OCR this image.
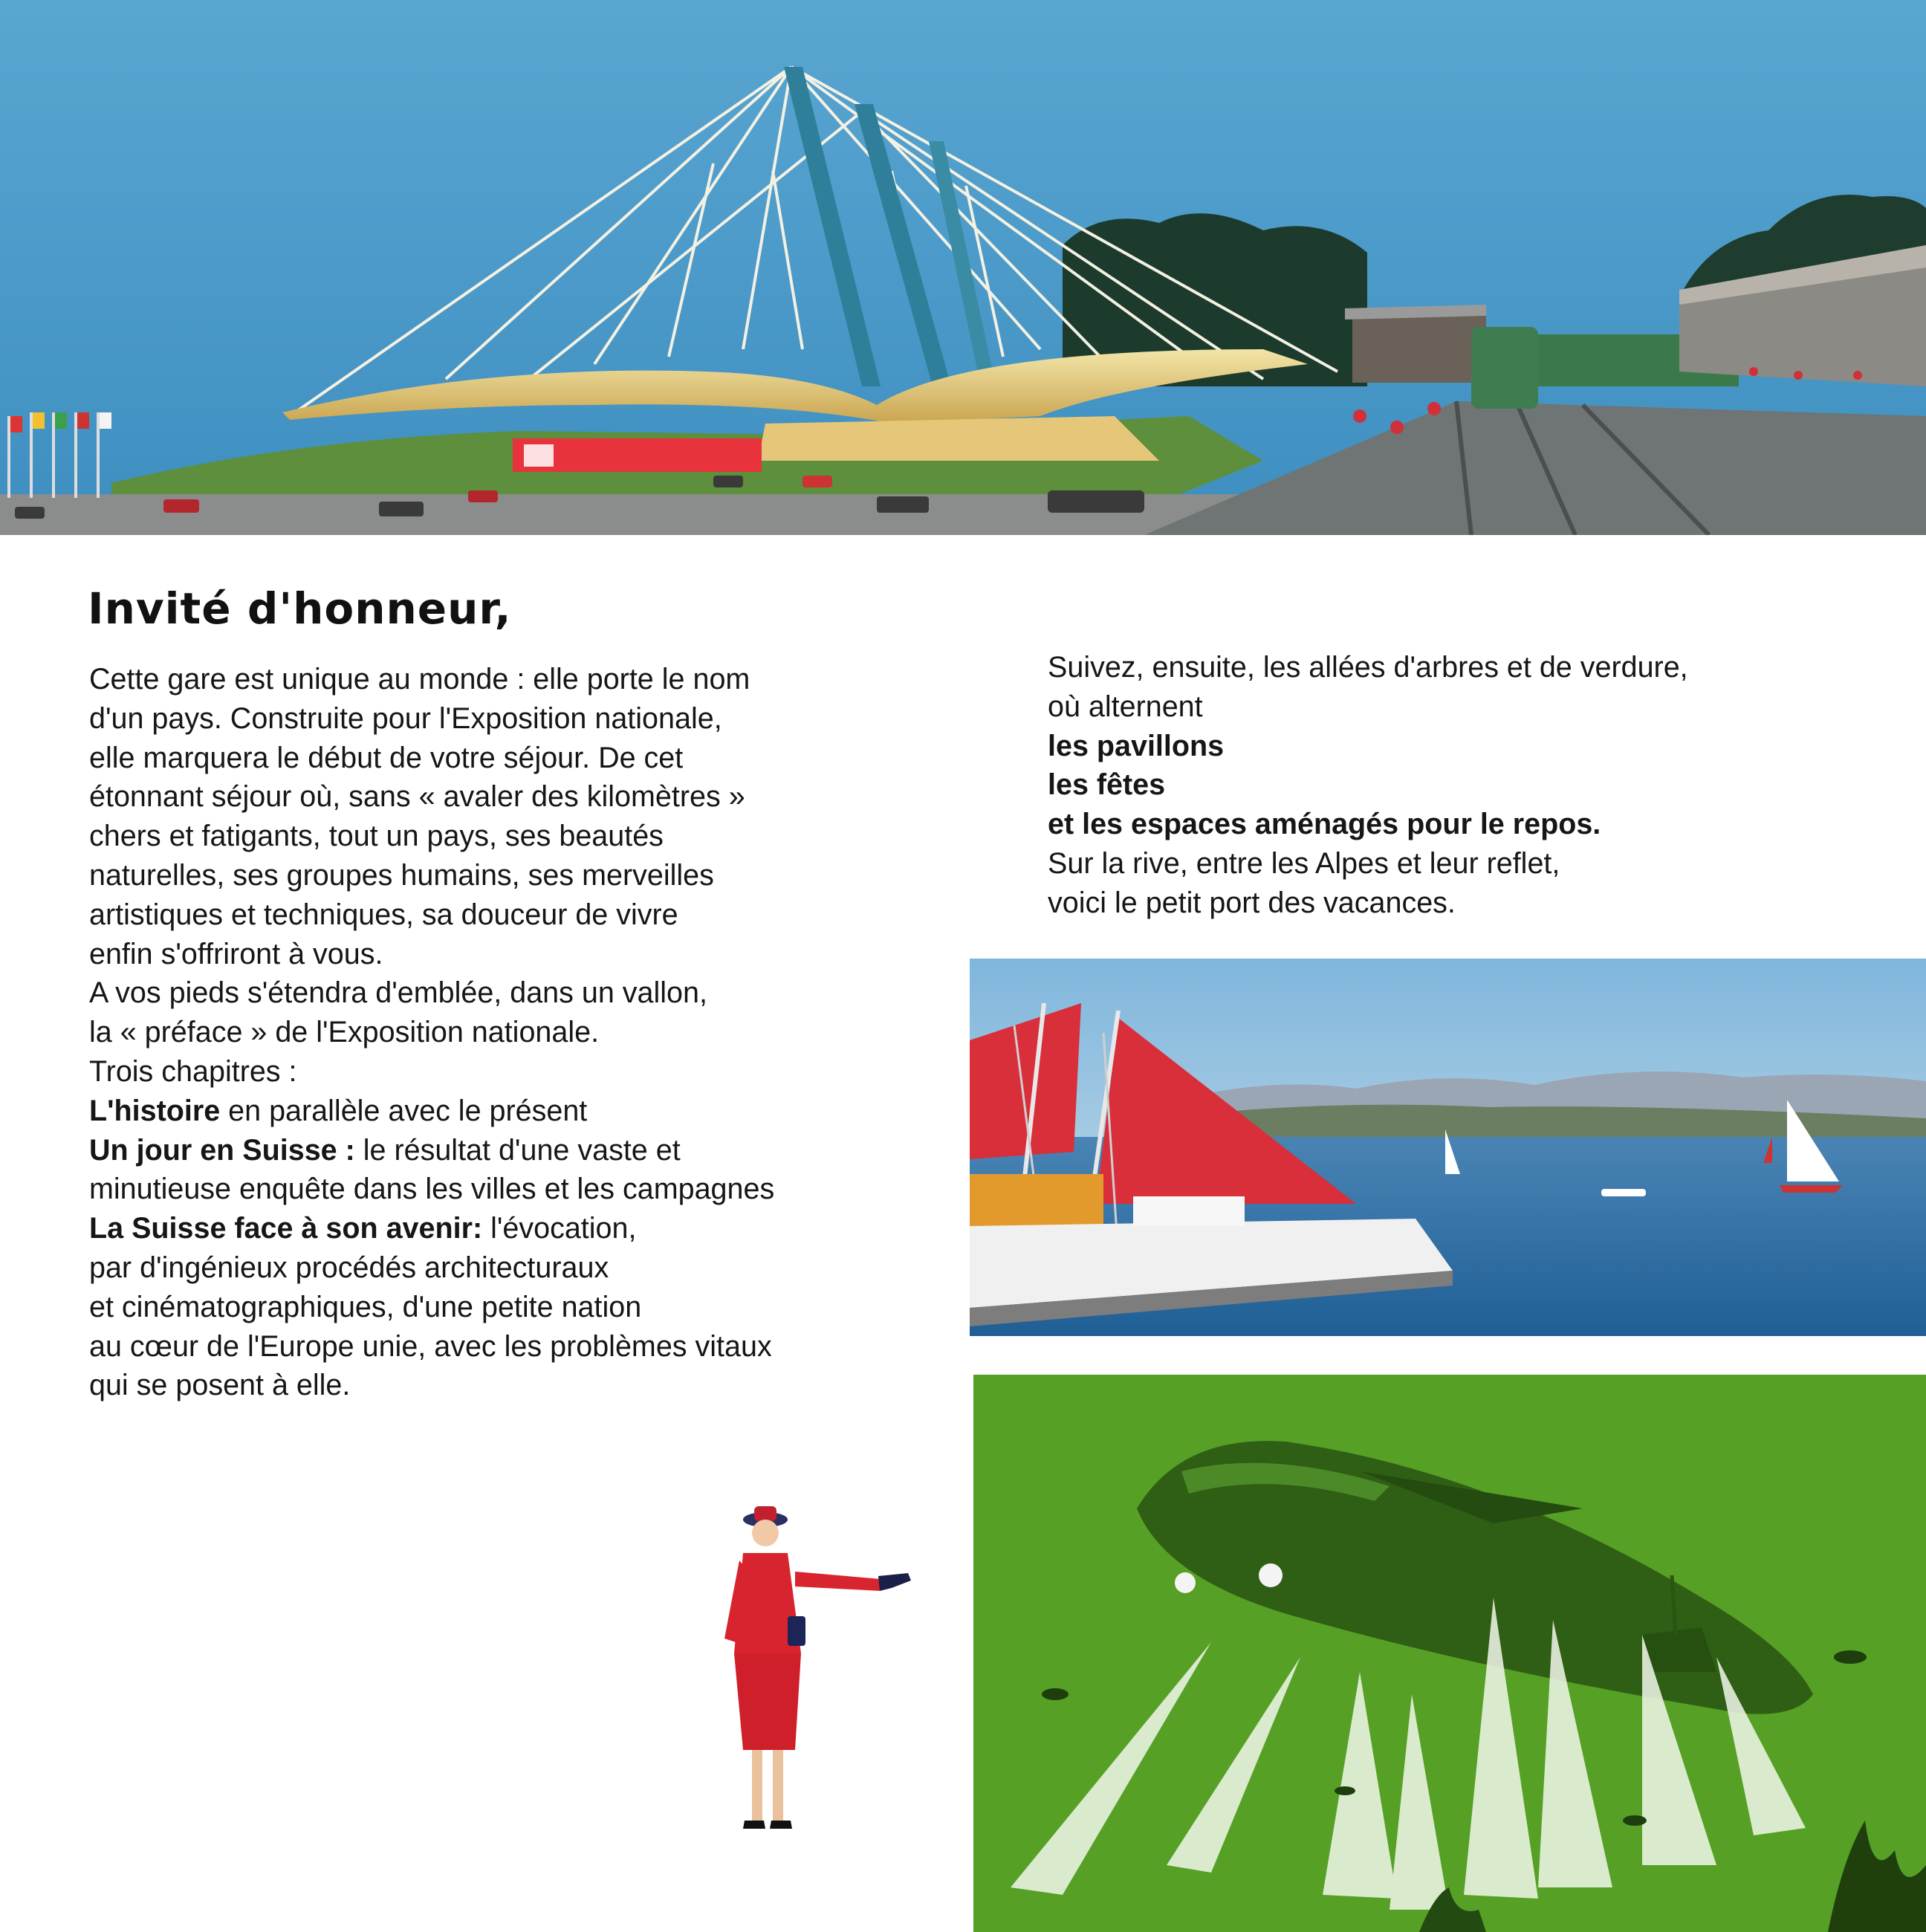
Invité d'honneur,
Cette gare est unique au monde : elle porte le nom
d'un pays. Construite pour l'Exposition nationale,
elle marquera le début de votre séjour. De cet
étonnant séjour où, sans « avaler des kilomètres »
chers et fatigants, tout un pays, ses beautés
naturelles, ses groupes humains, ses merveilles
artistiques et techniques, sa douceur de vivre
enfin s'offriront à vous.
A vos pieds s'étendra d'emblée, dans un vallon,
la « préface » de l'Exposition nationale.
Trois chapitres :
L'histoire en parallèle avec le présent
Un jour en Suisse : le résultat d'une vaste et
minutieuse enquête dans les villes et les campagnes
La Suisse face à son avenir: l'évocation,
par d'ingénieux procédés architecturaux
et cinématographiques, d'une petite nation
au cœur de l'Europe unie, avec les problèmes vitaux
qui se posent à elle.
Suivez, ensuite, les allées d'arbres et de verdure,
où alternent
les pavillons
les fêtes
et les espaces aménagés pour le repos.
Sur la rive, entre les Alpes et leur reflet,
voici le petit port des vacances.
